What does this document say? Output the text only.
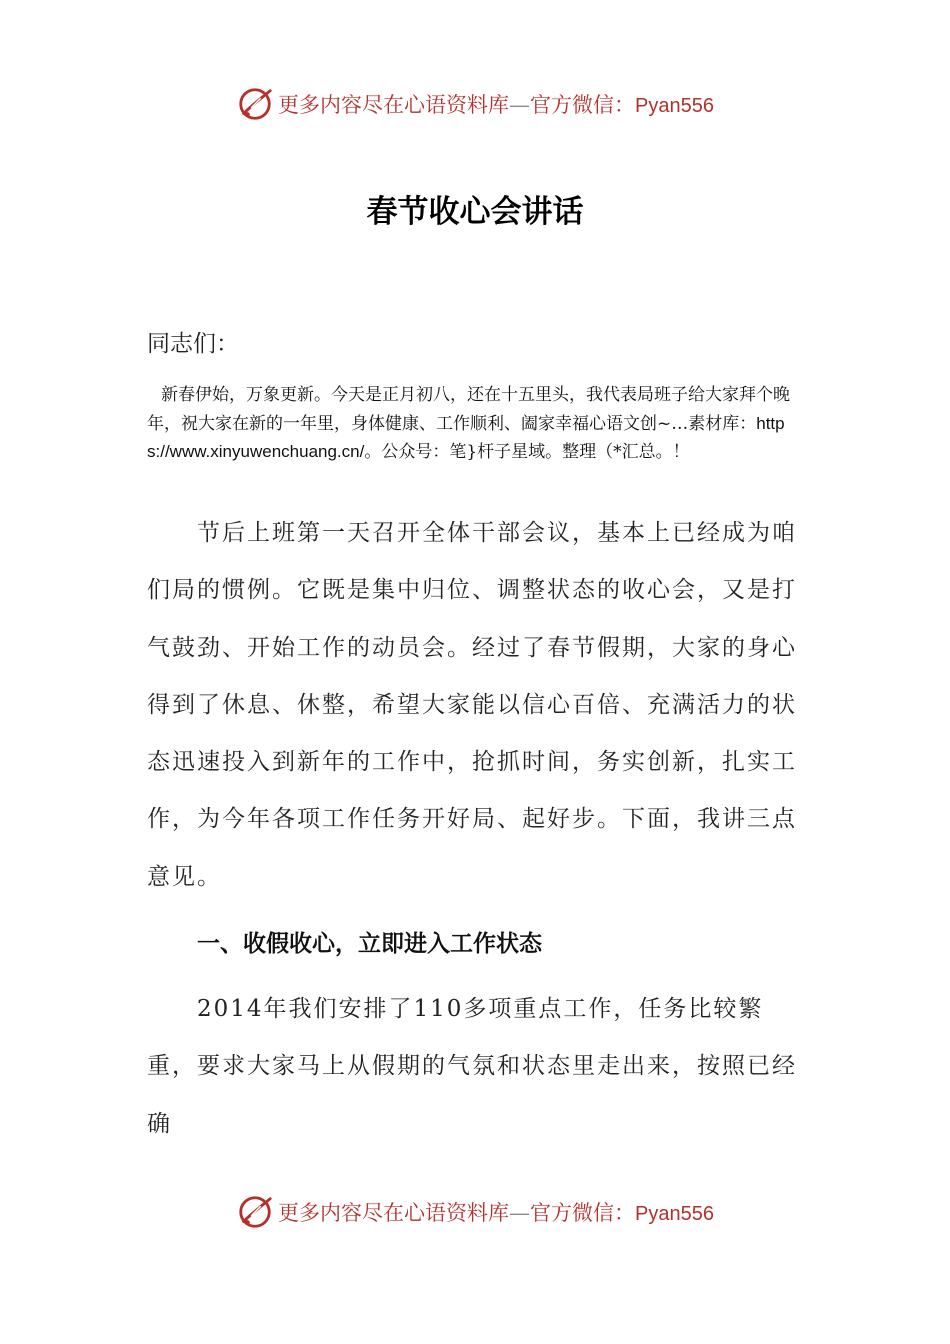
更多内容尽在心语资料库—官方微信：Pyan556
春节收心会讲话
同志们：
新春伊始，万象更新。今天是正月初八，还在十五里头，我代表局班子给大家拜个晚年，祝大家在新的一年里，身体健康、工作顺利、阖家幸福心语文创~…素材库：https://www.xinyuwenchuang.cn/。公众号：笔}杆子星域。整理（*汇总。！

节后上班第一天召开全体干部会议，基本上已经成为咱们局的惯例。它既是集中归位、调整状态的收心会，又是打气鼓劲、开始工作的动员会。经过了春节假期，大家的身心得到了休息、休整，希望大家能以信心百倍、充满活力的状态迅速投入到新年的工作中，抢抓时间，务实创新，扎实工作，为今年各项工作任务开好局、起好步。下面，我讲三点意见。

一、收假收心，立即进入工作状态

2014年我们安排了110多项重点工作，任务比较繁重，要求大家马上从假期的气氛和状态里走出来，按照已经确

更多内容尽在心语资料库—官方微信：Pyan556
